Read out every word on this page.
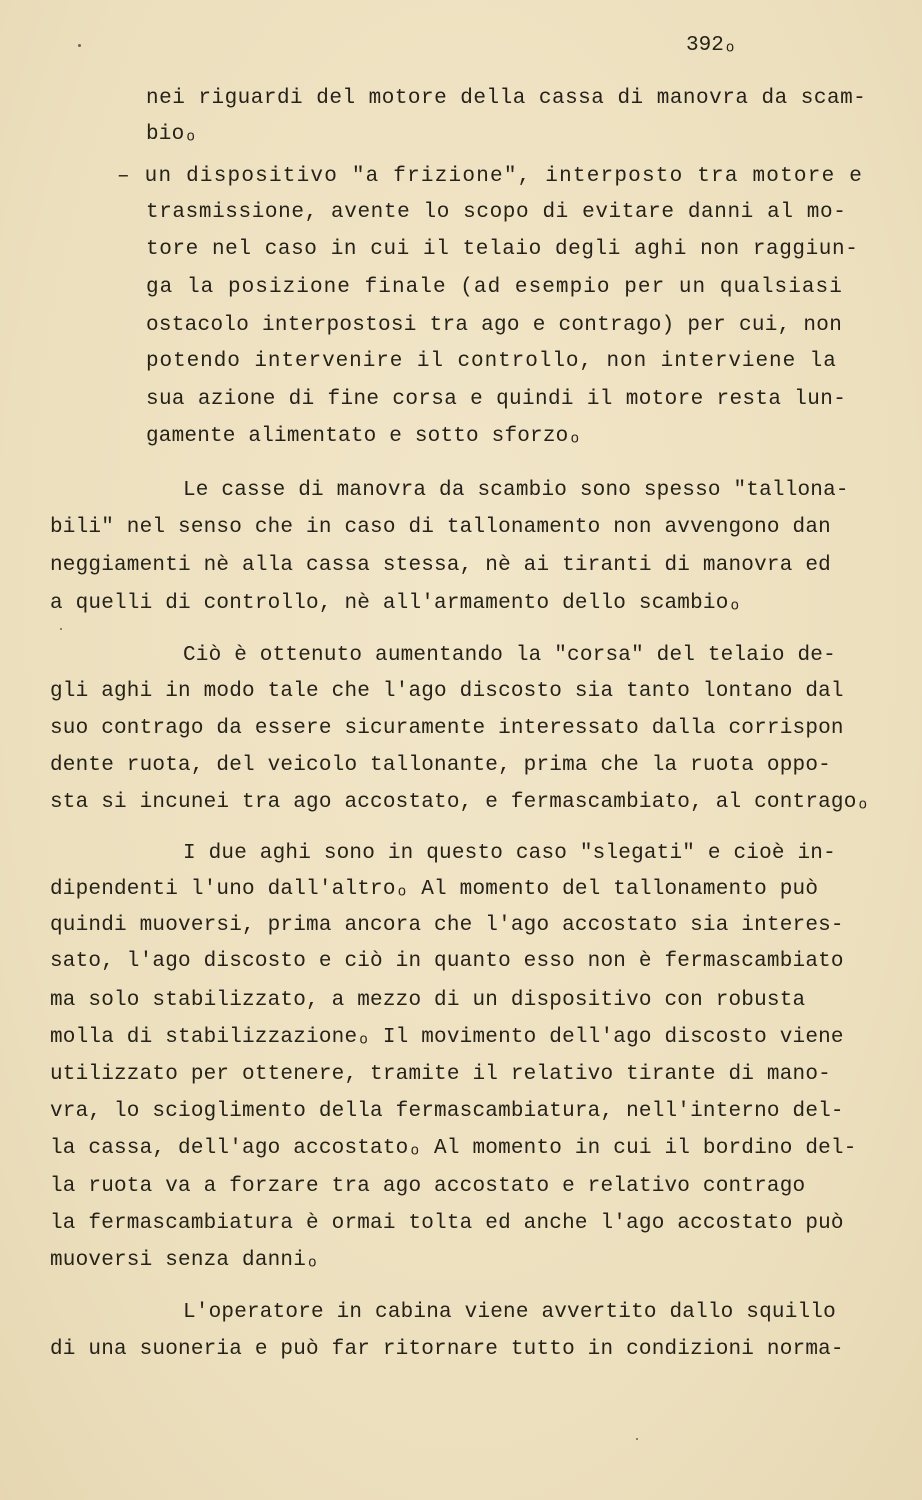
392ₒ
nei riguardi del motore della cassa di manovra da scam-
bioₒ
– un dispositivo "a frizione", interposto tra motore e
trasmissione, avente lo scopo di evitare danni al mo-
tore nel caso in cui il telaio degli aghi non raggiun-
ga la posizione finale (ad esempio per un qualsiasi
ostacolo interpostosi tra ago e contrago) per cui, non
potendo intervenire il controllo, non interviene la
sua azione di fine corsa e quindi il motore resta lun-
gamente alimentato e sotto sforzoₒ
Le casse di manovra da scambio sono spesso "tallona-
bili" nel senso che in caso di tallonamento non avvengono dan
neggiamenti nè alla cassa stessa, nè ai tiranti di manovra ed
a quelli di controllo, nè all'armamento dello scambioₒ
Ciò è ottenuto aumentando la "corsa" del telaio de-
gli aghi in modo tale che l'ago discosto sia tanto lontano dal
suo contrago da essere sicuramente interessato dalla corrispon
dente ruota, del veicolo tallonante, prima che la ruota oppo-
sta si incunei tra ago accostato, e fermascambiato, al contragoₒ
I due aghi sono in questo caso "slegati" e cioè in-
dipendenti l'uno dall'altroₒ Al momento del tallonamento può
quindi muoversi, prima ancora che l'ago accostato sia interes-
sato, l'ago discosto e ciò in quanto esso non è fermascambiato
ma solo stabilizzato, a mezzo di un dispositivo con robusta
molla di stabilizzazioneₒ Il movimento dell'ago discosto viene
utilizzato per ottenere, tramite il relativo tirante di mano-
vra, lo scioglimento della fermascambiatura, nell'interno del-
la cassa, dell'ago accostatoₒ Al momento in cui il bordino del-
la ruota va a forzare tra ago accostato e relativo contrago
la fermascambiatura è ormai tolta ed anche l'ago accostato può
muoversi senza danniₒ
L'operatore in cabina viene avvertito dallo squillo
di una suoneria e può far ritornare tutto in condizioni norma-
